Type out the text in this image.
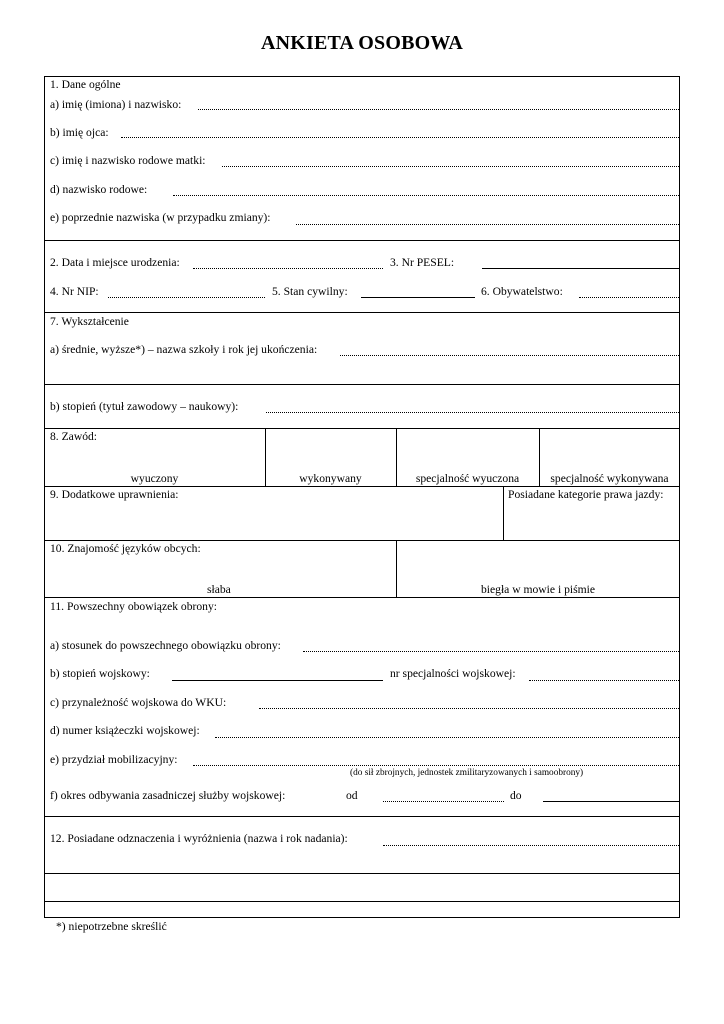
ANKIETA OSOBOWA
1. Dane ogólne
a) imię (imiona) i nazwisko:
b) imię ojca:
c) imię i nazwisko rodowe matki:
d) nazwisko rodowe:
e) poprzednie nazwiska (w przypadku zmiany):
2. Data i miejsce urodzenia:	3. Nr PESEL:
4. Nr NIP:	5. Stan cywilny:	6. Obywatelstwo:
7. Wykształcenie
a) średnie, wyższe*) – nazwa szkoły i rok jej ukończenia:
b) stopień (tytuł zawodowy – naukowy):
8. Zawód:
wyuczony	wykonywany	specjalność wyuczona	specjalność wykonywana
9. Dodatkowe uprawnienia:	Posiadane kategorie prawa jazdy:
10. Znajomość języków obcych:
słaba	biegła w mowie i piśmie
11. Powszechny obowiązek obrony:
a) stosunek do powszechnego obowiązku obrony:
b) stopień wojskowy:	nr specjalności wojskowej:
c) przynależność wojskowa do WKU:
d) numer książeczki wojskowej:
e) przydział mobilizacyjny:
(do sił zbrojnych, jednostek zmilitaryzowanych i samoobrony)
f) okres odbywania zasadniczej służby wojskowej:	od	do
12. Posiadane odznaczenia i wyróżnienia (nazwa i rok nadania):
*) niepotrzebne skreślić
